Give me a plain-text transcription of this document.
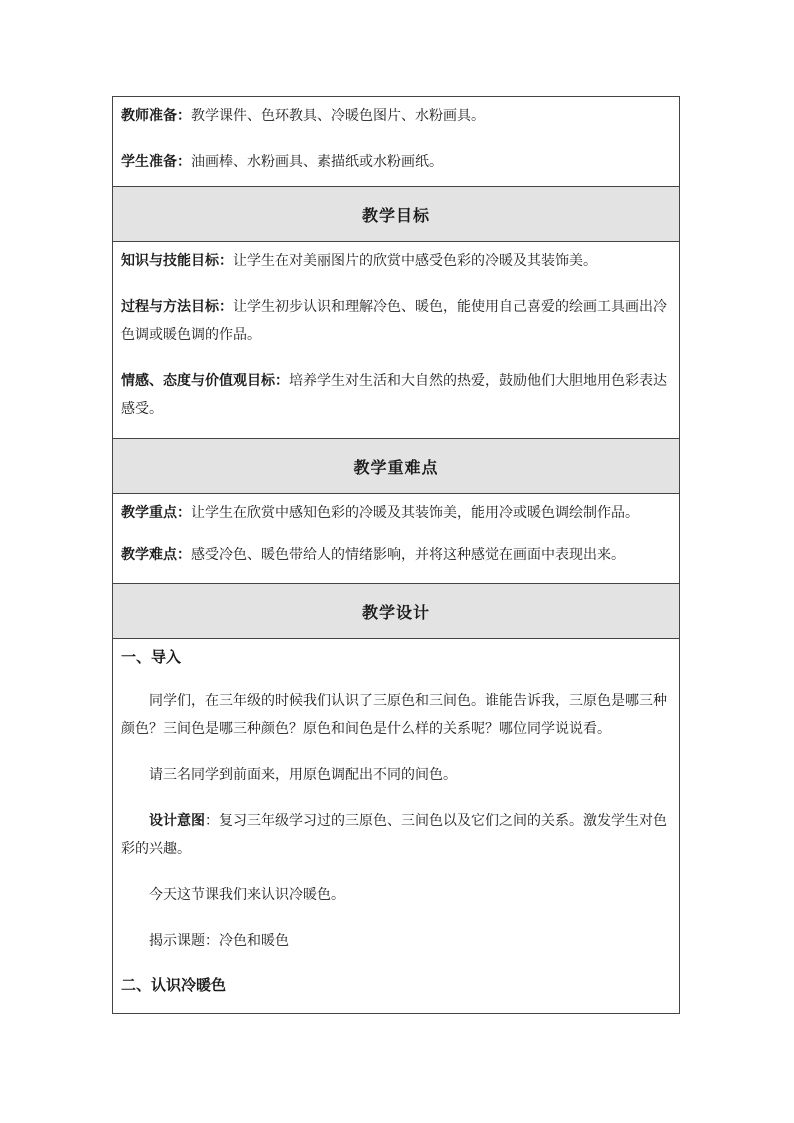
教师准备：教学课件、色环教具、冷暖色图片、水粉画具。

学生准备：油画棒、水粉画具、素描纸或水粉画纸。

教学目标

知识与技能目标：让学生在对美丽图片的欣赏中感受色彩的冷暖及其装饰美。

过程与方法目标：让学生初步认识和理解冷色、暖色，能使用自己喜爱的绘画工具画出冷色调或暖色调的作品。

情感、态度与价值观目标：培养学生对生活和大自然的热爱，鼓励他们大胆地用色彩表达感受。

教学重难点

教学重点：让学生在欣赏中感知色彩的冷暖及其装饰美，能用冷或暖色调绘制作品。

教学难点：感受冷色、暖色带给人的情绪影响，并将这种感觉在画面中表现出来。

教学设计

一、导入

同学们，在三年级的时候我们认识了三原色和三间色。谁能告诉我，三原色是哪三种颜色？三间色是哪三种颜色？原色和间色是什么样的关系呢？哪位同学说说看。

请三名同学到前面来，用原色调配出不同的间色。

设计意图：复习三年级学习过的三原色、三间色以及它们之间的关系。激发学生对色彩的兴趣。

今天这节课我们来认识冷暖色。

揭示课题：冷色和暖色

二、认识冷暖色
